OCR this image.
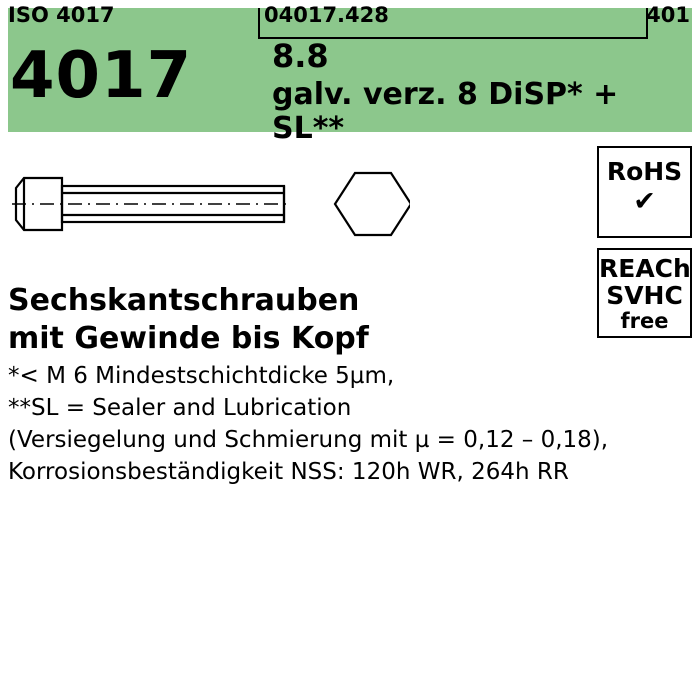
ISO 4017	04017.428	401
4017 8.8
galv. verz. 8 DiSP* + SL**
RoHS
✔
REACh
SVHC
free
Sechskantschrauben
mit Gewinde bis Kopf
*< M 6 Mindestschichtdicke 5µm,
**SL = Sealer and Lubrication
(Versiegelung und Schmierung mit µ = 0,12 – 0,18),
Korrosionsbeständigkeit NSS: 120h WR, 264h RR
